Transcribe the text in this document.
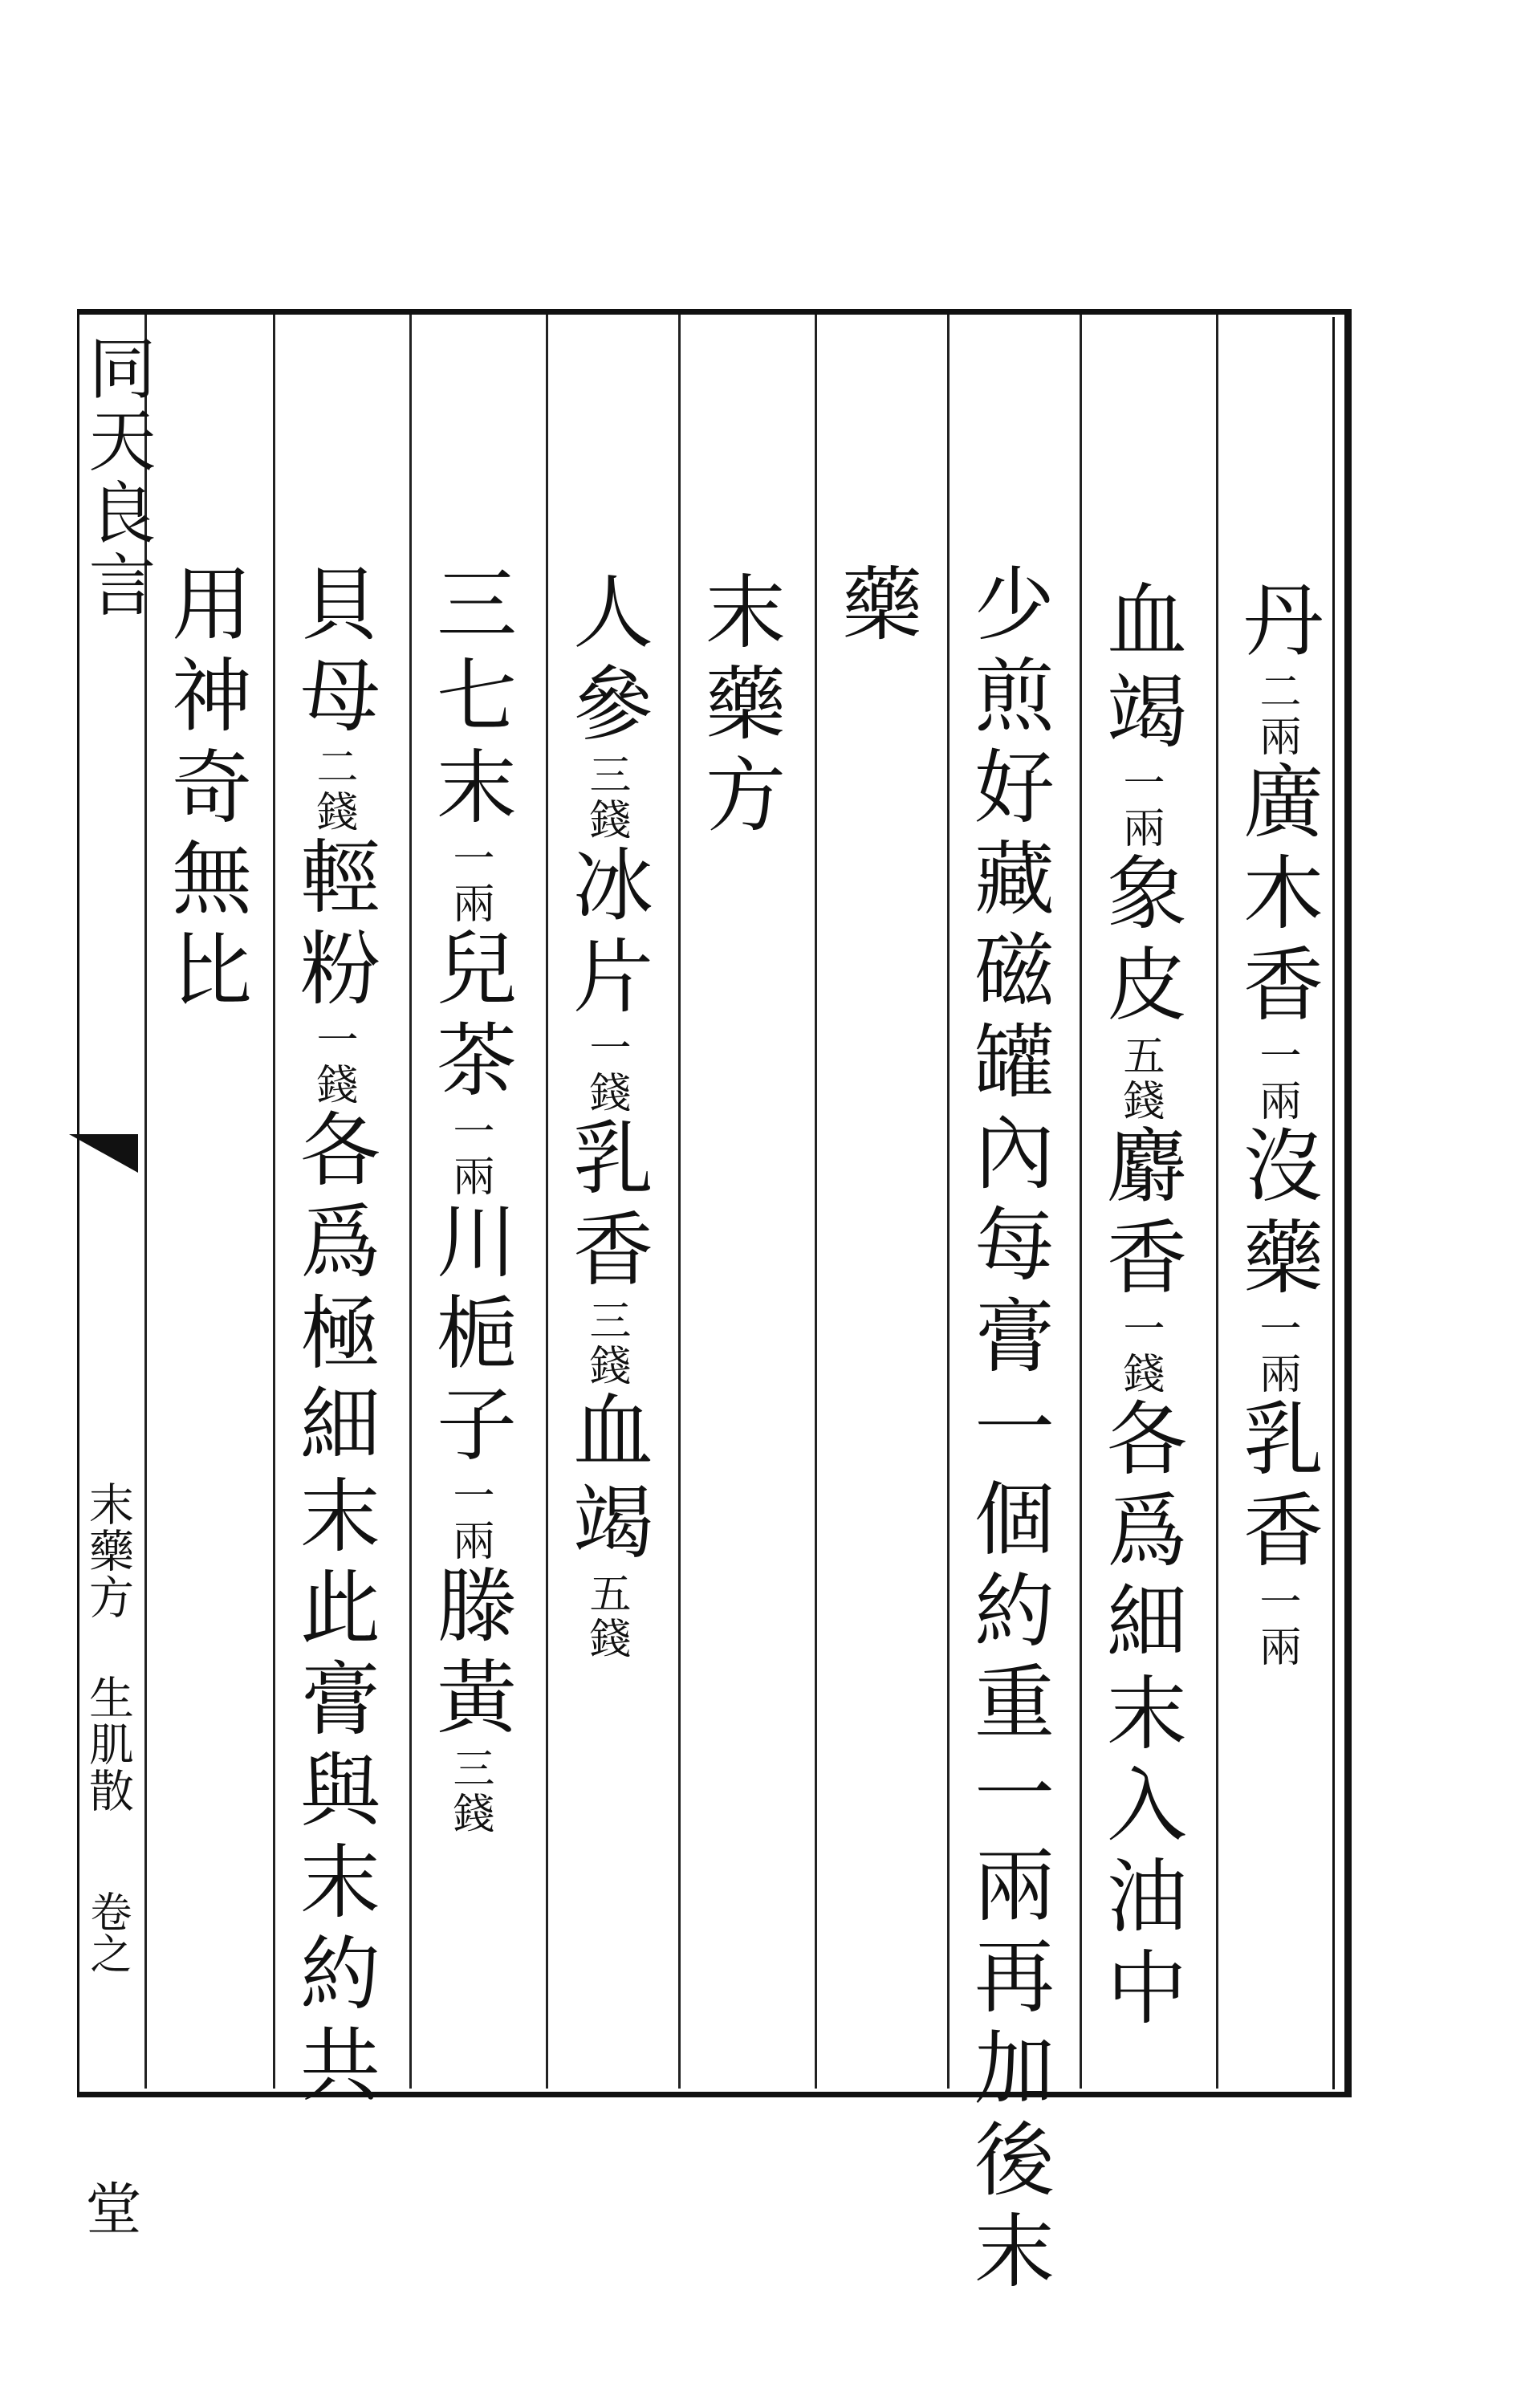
同天良言
末藥方 生肌散
卷之
堂
丹二兩廣木香一兩沒藥一兩乳香一兩
血竭一兩象皮五錢麝香一錢各爲細末入油中
少煎好藏磁罐內每膏一個約重一兩再加後末
藥
末藥方
人參三錢冰片一錢乳香三錢血竭五錢
三七末一兩兒茶一兩川梔子一兩滕黃三錢
貝母二錢輕粉一錢各爲極細末此膏與末約共
用神奇無比
